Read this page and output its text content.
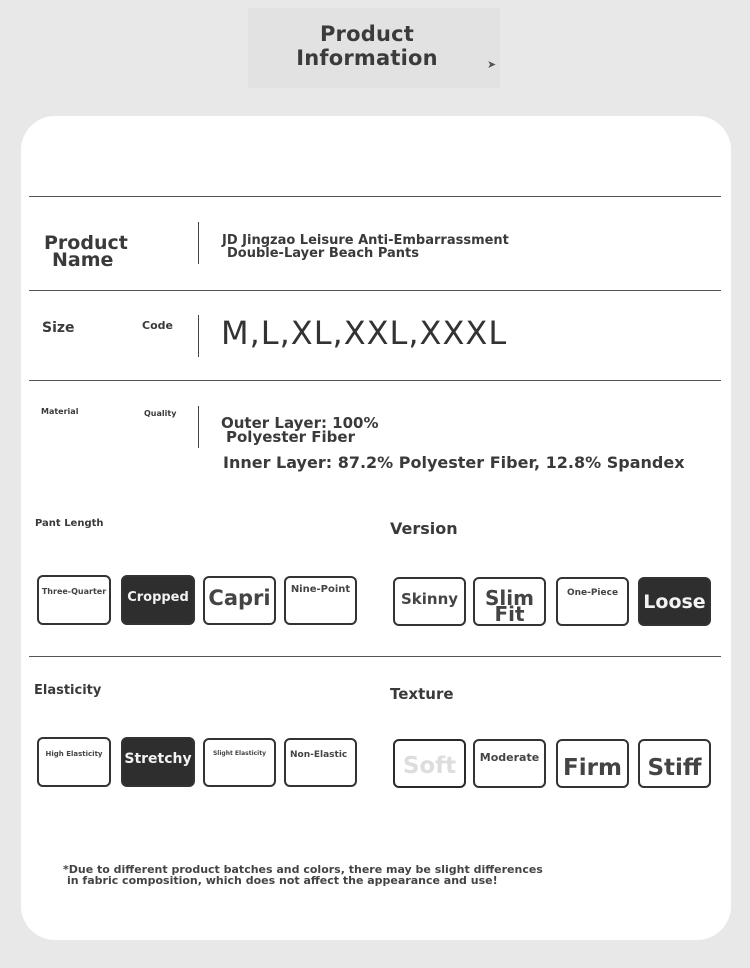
Product Information	➤
Product
Name
JD Jingzao Leisure Anti-Embarrassment
Double-Layer Beach Pants
Size	Code M,L,XL,XXL,XXXL
Material	Quality
Outer Layer: 100%
Polyester Fiber
Inner Layer: 87.2% Polyester Fiber, 12.8% Spandex
Pant Length
Three-Quarter	Cropped Capri	Nine-Point
Version
Skinny	Slim Fit
One-Piece	Loose
Elasticity
High Elasticity	Stretchy	Slight Elasticity	Non-Elastic
Texture
Soft	Moderate	Firm	Stiff
*Due to different product batches and colors, there may be slight differences
in fabric composition, which does not affect the appearance and use!
